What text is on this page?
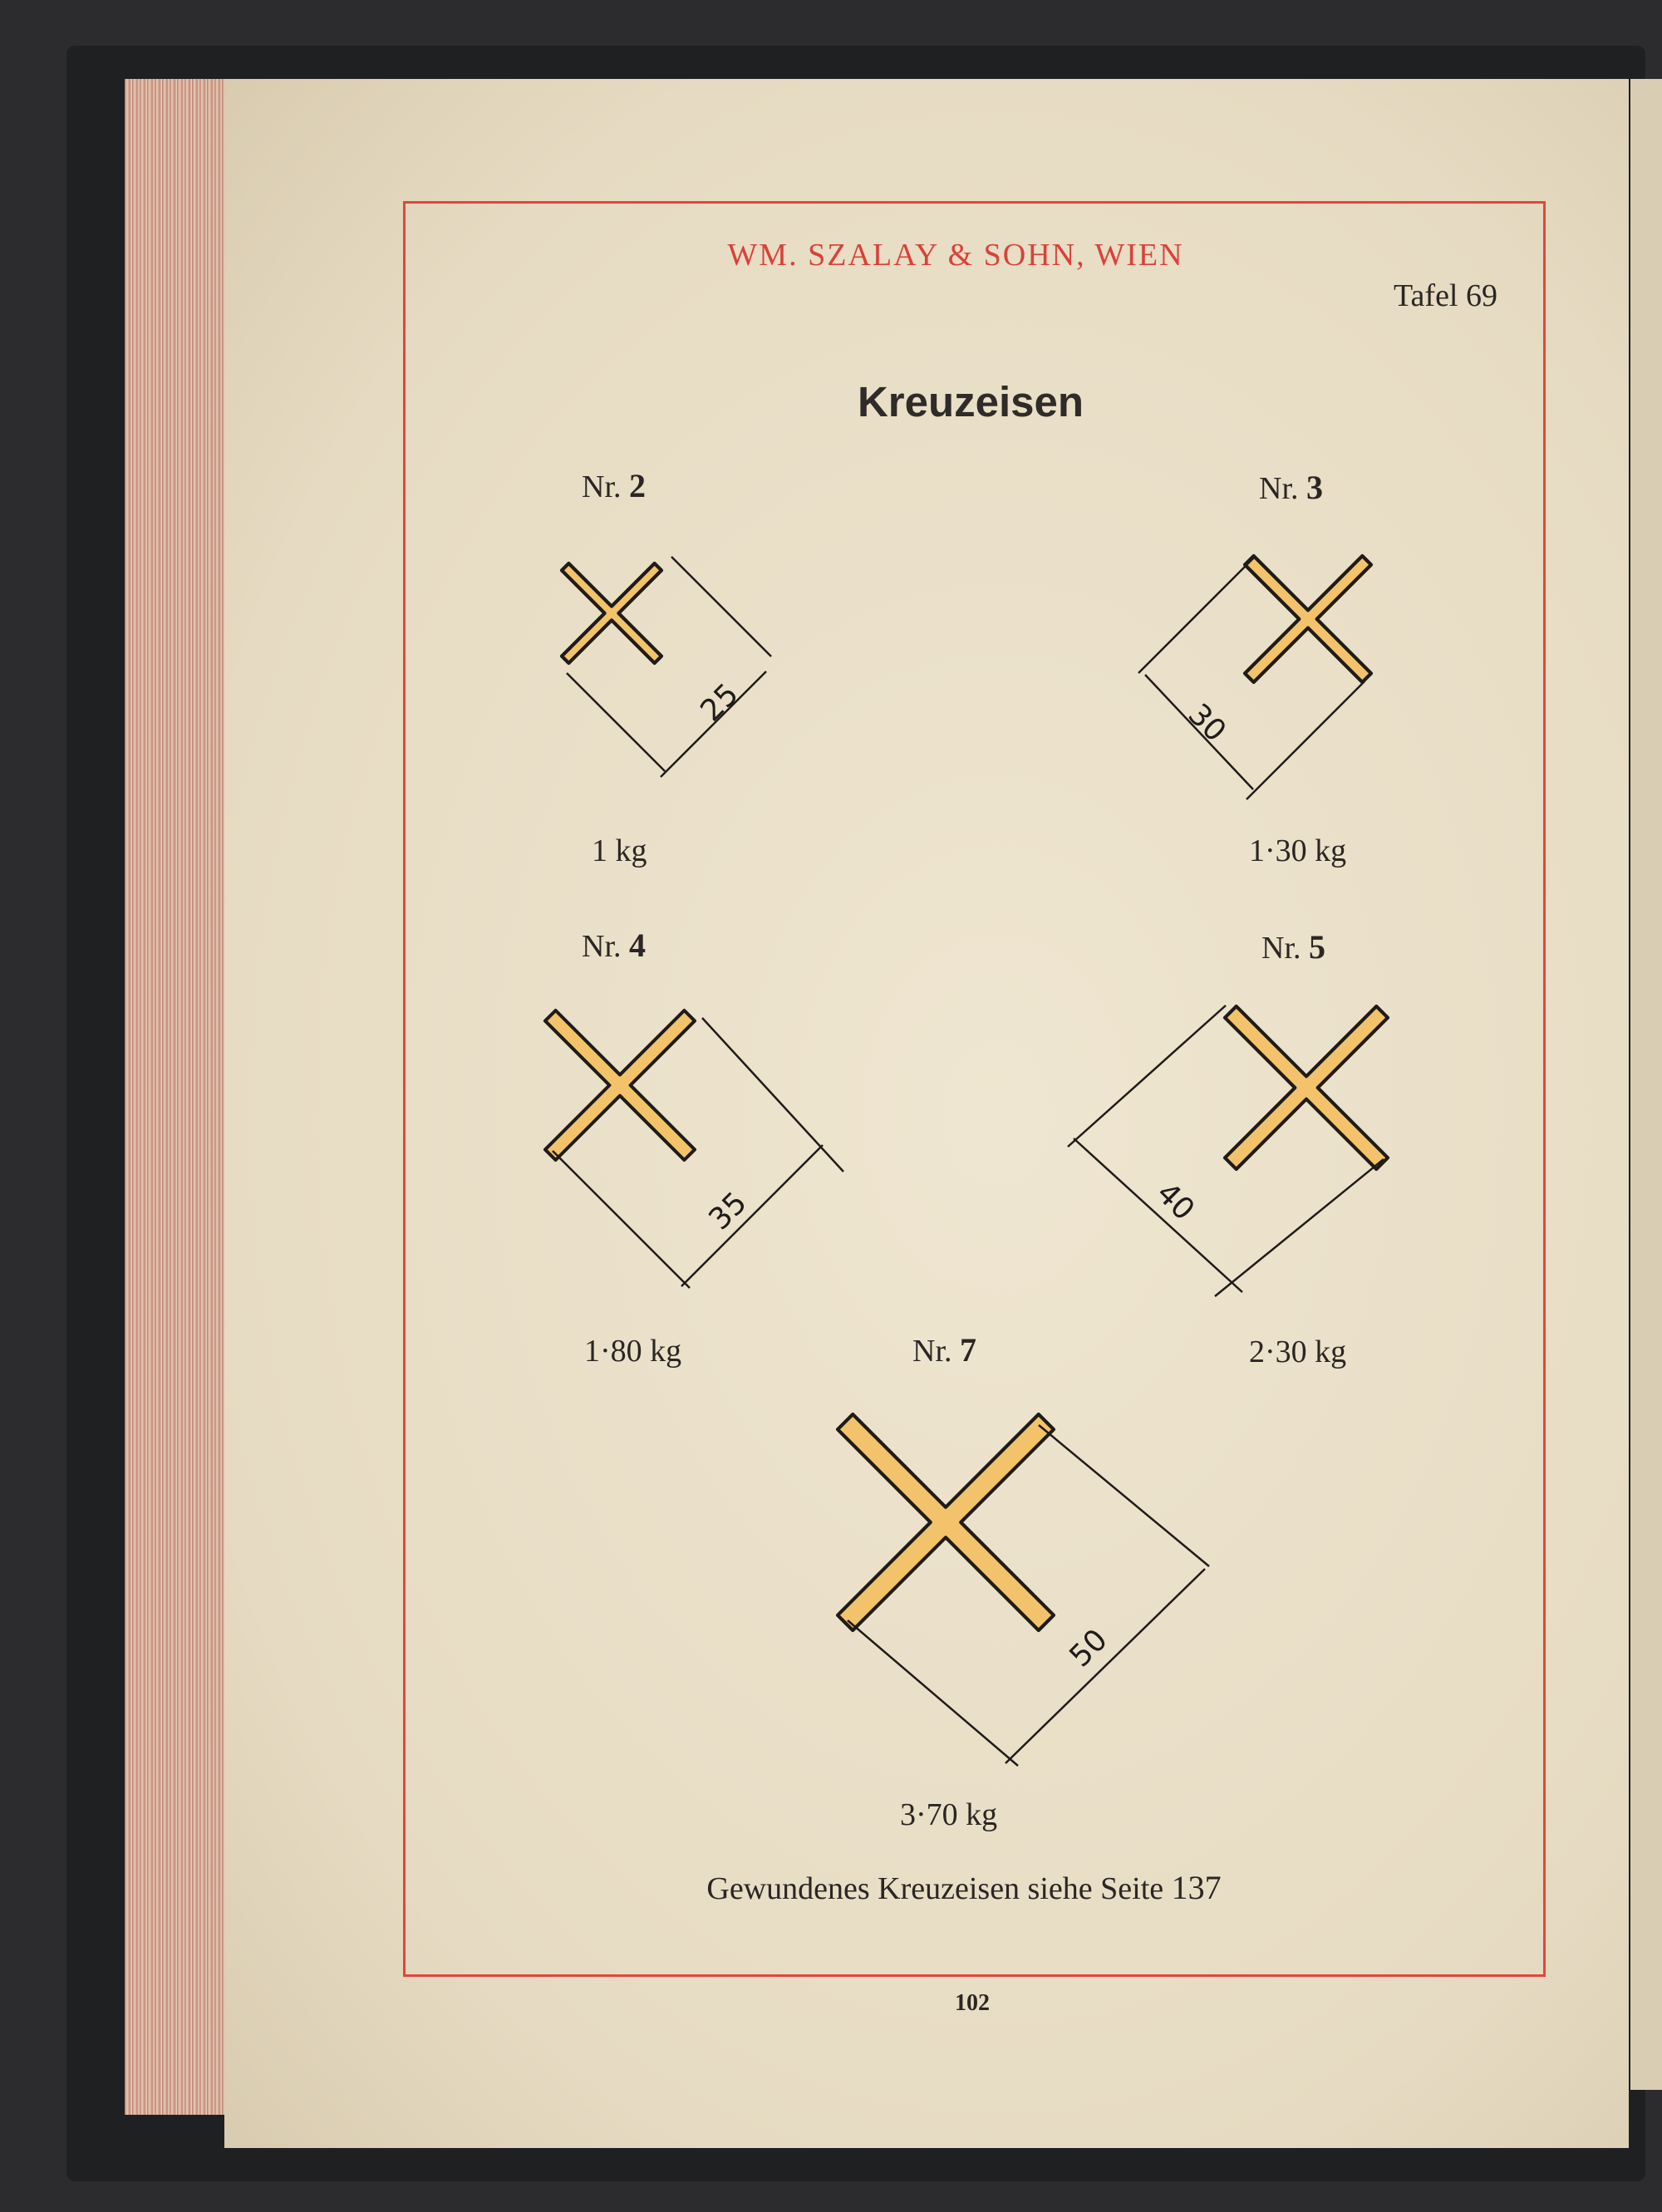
WM. SZALAY & SOHN, WIEN
Tafel 69
Kreuzeisen
Nr. 2
1 kg
Nr. 3
1·30 kg
Nr. 4
1·80 kg
Nr. 5
2·30 kg
Nr. 7
3·70 kg
Gewundenes Kreuzeisen siehe Seite 137
102
25	30
35	40
50
